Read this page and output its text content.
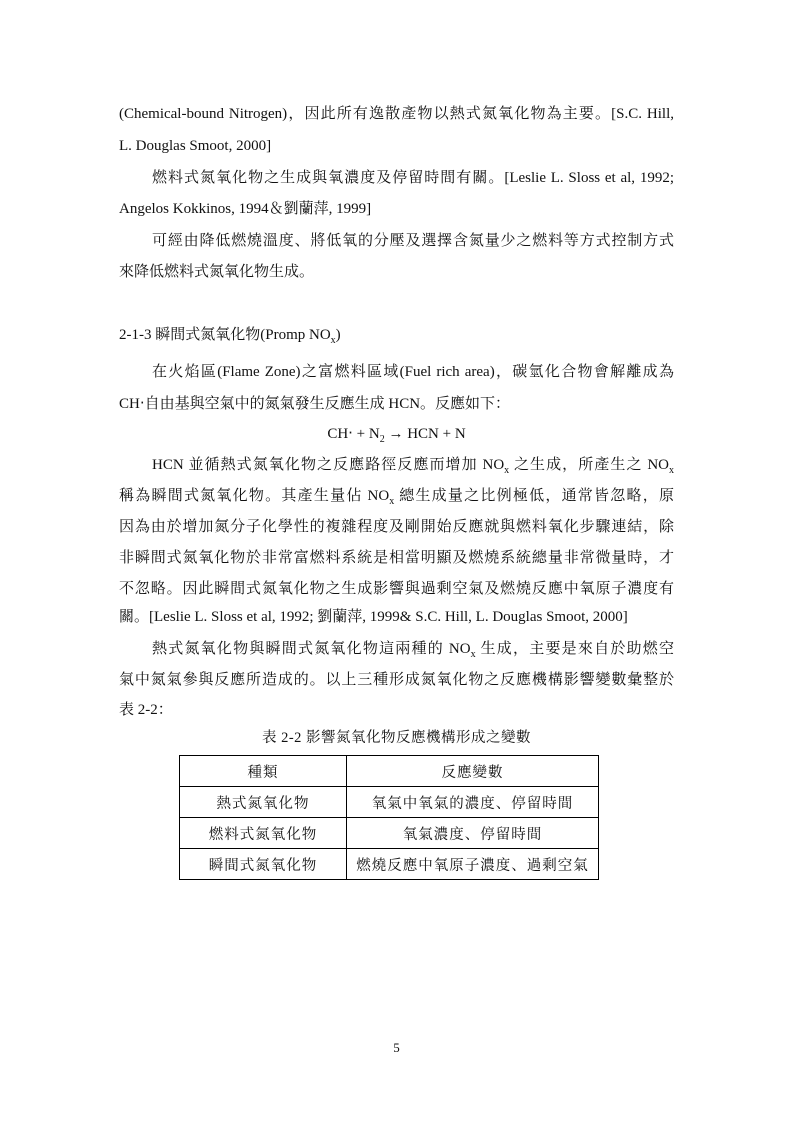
(Chemical-bound Nitrogen)，因此所有逸散產物以熱式氮氧化物為主要。[S.C. Hill,
L. Douglas Smoot, 2000]
燃料式氮氧化物之生成與氧濃度及停留時間有關。[Leslie L. Sloss et al, 1992;
Angelos Kokkinos, 1994＆劉蘭萍, 1999]
可經由降低燃燒溫度、將低氧的分壓及選擇含氮量少之燃料等方式控制方式
來降低燃料式氮氧化物生成。
2-1-3 瞬間式氮氧化物(Promp $NO_x$)
在火焰區(Flame Zone)之富燃料區域(Fuel rich area)，碳氫化合物會解離成為
CH‧自由基與空氣中的氮氣發生反應生成 HCN。反應如下：
CH‧ + $N_2$ → HCN + N
HCN 並循熱式氮氧化物之反應路徑反應而增加 $NO_x$ 之生成，所產生之 $NO_x$
稱為瞬間式氮氧化物。其產生量佔 $NO_x$ 總生成量之比例極低，通常皆忽略，原
因為由於增加氮分子化學性的複雜程度及剛開始反應就與燃料氧化步驟連結，除
非瞬間式氮氧化物於非常富燃料系統是相當明顯及燃燒系統總量非常微量時，才
不忽略。因此瞬間式氮氧化物之生成影響與過剩空氣及燃燒反應中氧原子濃度有
關。[Leslie L. Sloss et al, 1992; 劉蘭萍, 1999& S.C. Hill, L. Douglas Smoot, 2000]
熱式氮氧化物與瞬間式氮氧化物這兩種的 $NO_x$ 生成，主要是來自於助燃空
氣中氮氣參與反應所造成的。以上三種形成氮氧化物之反應機構影響變數彙整於
表 2-2：
表 2-2 影響氮氧化物反應機構形成之變數
種類	反應變數
熱式氮氧化物	氧氣中氧氣的濃度、停留時間
燃料式氮氧化物	氧氣濃度、停留時間
瞬間式氮氧化物	燃燒反應中氧原子濃度、過剩空氣
5
